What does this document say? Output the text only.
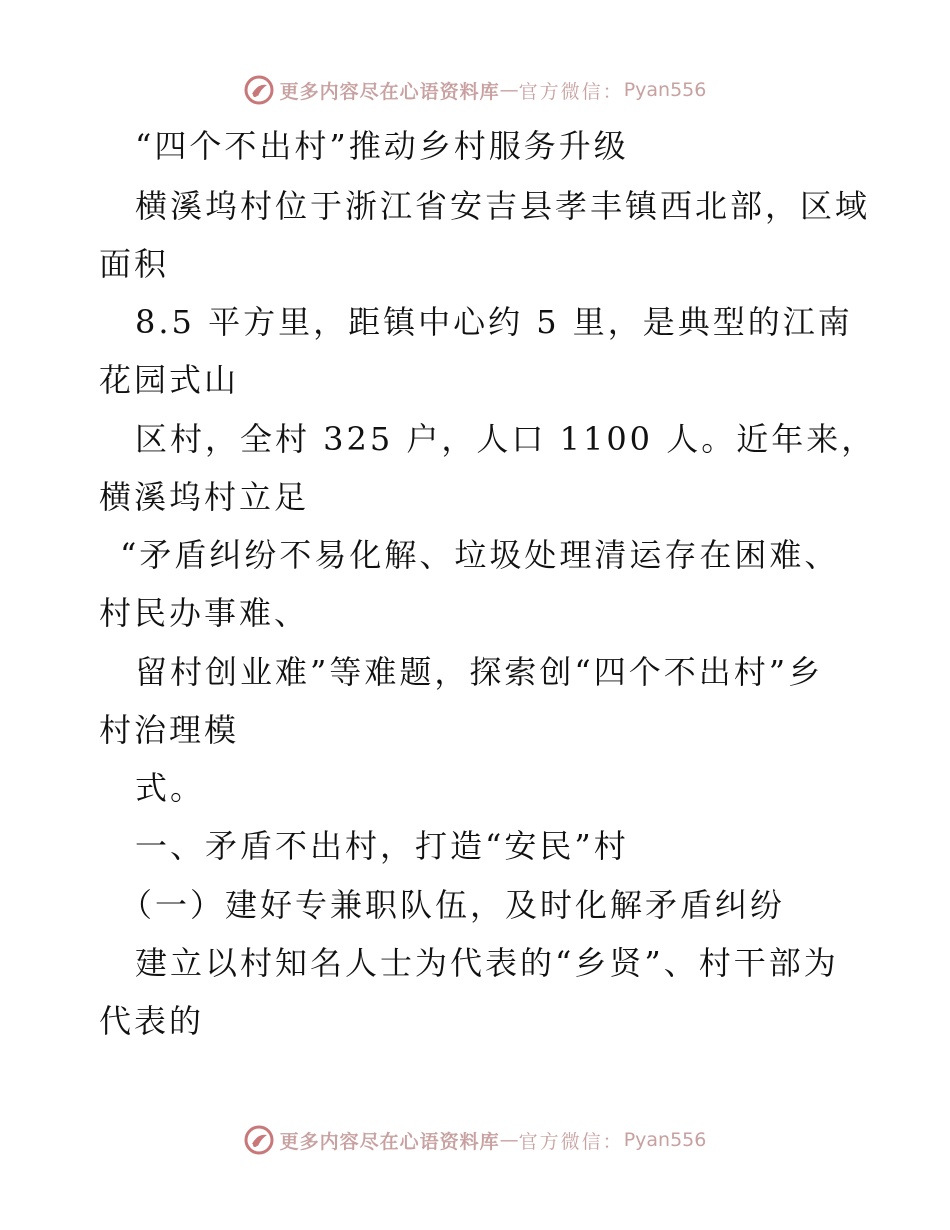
更多内容尽在心语资料库 — 官方微信： Pyan556
“四个不出村”推动乡村服务升级
横溪坞村位于浙江省安吉县孝丰镇西北部，区域
面积
8.5 平方里，距镇中心约 5 里，是典型的江南
花园式山
区村，全村 325 户，人口 1100 人。近年来，
横溪坞村立足
“矛盾纠纷不易化解、垃圾处理清运存在困难、
村民办事难、
留村创业难”等难题，探索创“四个不出村”乡
村治理模
式。
一、矛盾不出村，打造“安民”村
（一）建好专兼职队伍，及时化解矛盾纠纷
建立以村知名人士为代表的“乡贤”、村干部为
代表的
更多内容尽在心语资料库 — 官方微信： Pyan556
